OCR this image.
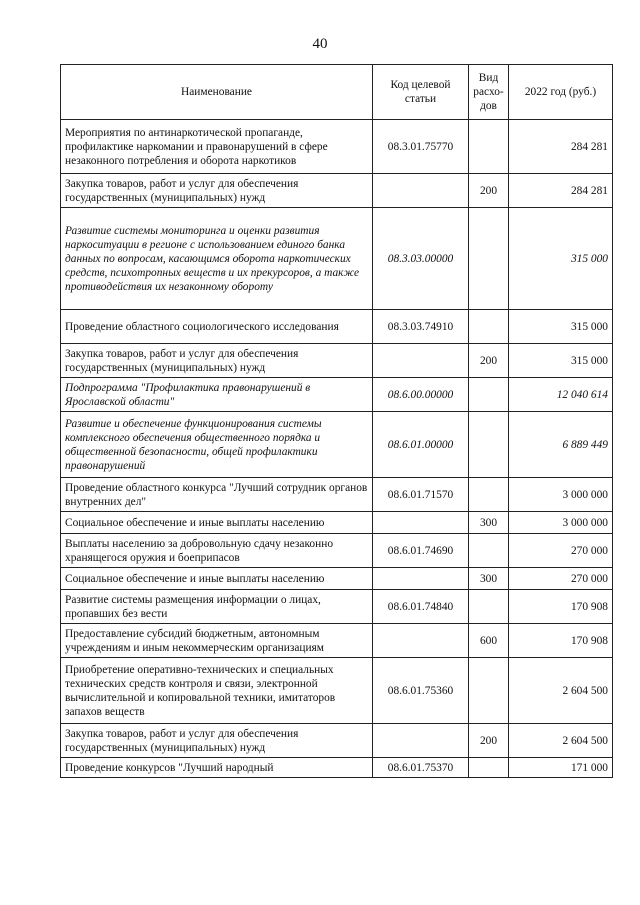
40
Наименование	Код целевой статьи	Вид расхо-дов	2022 год (руб.)
Мероприятия по антинаркотической пропаганде, профилактике наркомании и правонарушений в сфере незаконного потребления и оборота наркотиков	08.3.01.75770		284 281
Закупка товаров, работ и услуг для обеспечения государственных (муниципальных) нужд		200	284 281
Развитие системы мониторинга и оценки развития наркоситуации в регионе с использованием единого банка данных по вопросам, касающимся оборота наркотических средств, психотропных веществ и их прекурсоров, а также противодействия их незаконному обороту	08.3.03.00000		315 000
Проведение областного социологического исследования	08.3.03.74910		315 000
Закупка товаров, работ и услуг для обеспечения государственных (муниципальных) нужд		200	315 000
Подпрограмма "Профилактика правонарушений в Ярославской области"	08.6.00.00000		12 040 614
Развитие и обеспечение функционирования системы комплексного обеспечения общественного порядка и общественной безопасности, общей профилактики правонарушений	08.6.01.00000		6 889 449
Проведение областного конкурса "Лучший сотрудник органов внутренних дел"	08.6.01.71570		3 000 000
Социальное обеспечение и иные выплаты населению		300	3 000 000
Выплаты населению за добровольную сдачу незаконно хранящегося оружия и боеприпасов	08.6.01.74690		270 000
Социальное обеспечение и иные выплаты населению		300	270 000
Развитие системы размещения информации о лицах, пропавших без вести	08.6.01.74840		170 908
Предоставление субсидий бюджетным, автономным учреждениям и иным некоммерческим организациям		600	170 908
Приобретение оперативно-технических и специальных технических средств контроля и связи, электронной вычислительной и копировальной техники, имитаторов запахов веществ	08.6.01.75360		2 604 500
Закупка товаров, работ и услуг для обеспечения государственных (муниципальных) нужд		200	2 604 500
Проведение конкурсов "Лучший народный	08.6.01.75370		171 000
